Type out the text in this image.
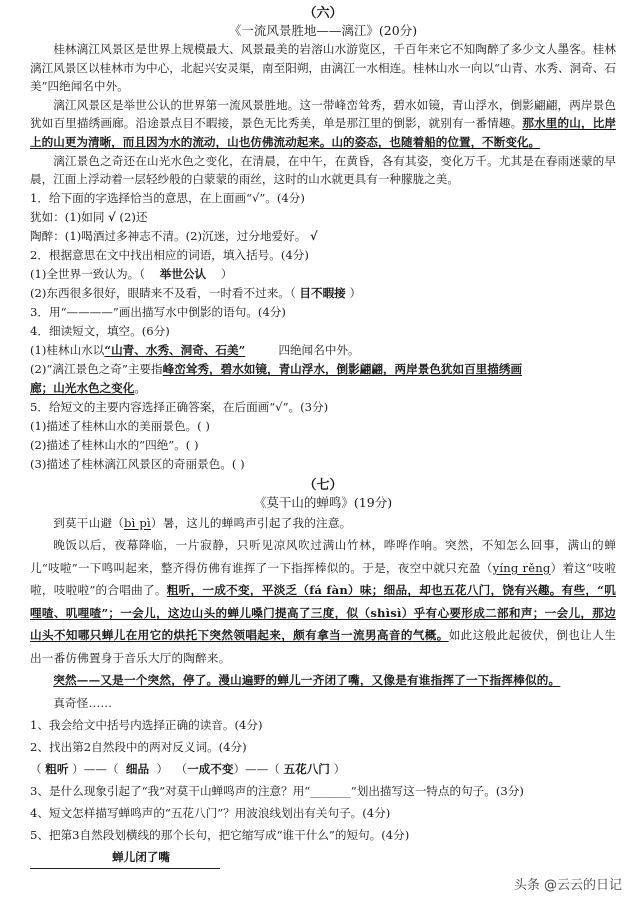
（六）
《一流风景胜地——漓江》(20分)

桂林漓江风景区是世界上规模最大、风景最美的岩溶山水游览区，千百年来它不知陶醉了多少文人墨客。桂林漓江风景区以桂林市为中心，北起兴安灵渠，南至阳朔，由漓江一水相连。桂林山水一向以“山青、水秀、洞奇、石美”四绝闻名中外。

漓江风景区是举世公认的世界第一流风景胜地。这一带峰峦耸秀，碧水如镜，青山浮水，倒影翩翩，两岸景色犹如百里描绣画廊。沿途景点目不暇接，景色无比秀美，单是那江里的倒影，就别有一番情趣。那水里的山，比岸上的山更为清晰，而且因为水的流动，山也仿佛流动起来。山的姿态，也随着船的位置，不断变化。

漓江景色之奇还在山光水色之变化，在清晨，在中午，在黄昏，各有其姿，变化万千。尤其是在春雨迷蒙的早晨，江面上浮动着一层轻纱般的白蒙蒙的雨丝，这时的山水就更具有一种朦胧之美。

1．给下面的字选择恰当的意思，在上面画“√”。(4分)
犹如：(1)如同 √ (2)还
陶醉：(1)喝酒过多神志不清。(2)沉迷，过分地爱好。 √
2．根据意思在文中找出相应的词语，填入括号。(4分)
(1)全世界一致认为。（ 举世公认 ）
(2)东西很多很好，眼睛来不及看，一时看不过来。（ 目不暇接 ）
3．用“————”画出描写水中倒影的语句。(4分)
4．细读短文，填空。(6分)
(1)桂林山水以“山青、水秀、洞奇、石美”	四绝闻名中外。
(2)“漓江景色之奇”主要指峰峦耸秀，碧水如镜，青山浮水，倒影翩翩，两岸景色犹如百里描绣画
廊；山光水色之变化。
5．给短文的主要内容选择正确答案，在后面画“√”。(3分)
(1)描述了桂林山水的美丽景色。( )
(2)描述了桂林山水的“四绝”。( )
(3)描述了桂林漓江风景区的奇丽景色。( )
（七）
《莫干山的蝉鸣》(19分)

到莫干山避（bì pì）暑，这儿的蝉鸣声引起了我的注意。

晚饭以后，夜幕降临，一片寂静，只听见凉风吹过满山竹林，哗哗作响。突然，不知怎么回事，满山的蝉儿“吱啦”一下鸣叫起来，整齐得仿佛有谁挥了一下指挥棒似的。于是，夜空中就只充盈（yíng rěng）着这“吱啦啦，吱啦啦”的合唱曲了。粗听，一成不变，平淡乏（fá fàn）味；细品，却也五花八门，饶有兴趣。有些，“叽哩喳、叽哩喳”；一会儿，这边山头的蝉儿嗓门提高了三度，似（shìsì）乎有心要形成二部和声；一会儿，那边山头不知哪只蝉儿在用它的烘托下突然领唱起来，颇有拿当一流男高音的气概。如此这般此起彼伏，倒也让人生出一番仿佛置身于音乐大厅的陶醉来。

突然——又是一个突然，停了。漫山遍野的蝉儿一齐闭了嘴，又像是有谁指挥了一下指挥棒似的。

真奇怪……

1、我会给文中括号内选择正确的读音。(4分)
2、找出第2自然段中的两对反义词。(4分)
（ 粗听 ）——（  细品  ）  （一成不变）——（ 五花八门 ）
3、是什么现象引起了“我”对莫干山蝉鸣声的注意？用“_______”划出描写这一特点的句子。(3分)
4、短文怎样描写蝉鸣声的“五花八门”？用波浪线划出有关句子。(4分)
5、把第3自然段划横线的那个长句，把它缩写成“谁干什么”的短句。(4分)
蝉儿闭了嘴
头条 @云云的日记
